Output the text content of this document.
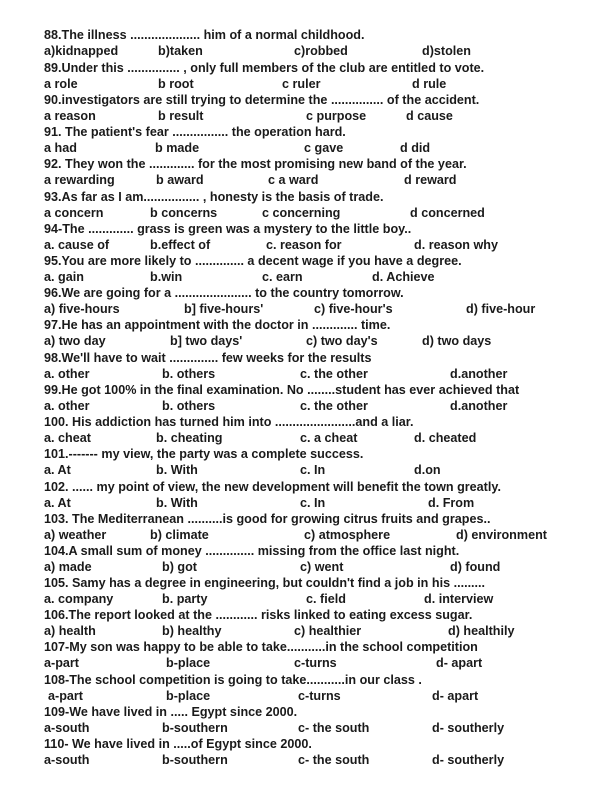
88.The illness .................... him of a normal childhood.
a)kidnapped	b)taken	c)robbed	d)stolen
89.Under this ............... , only full members of the club are entitled to vote.
a role	b root	c ruler	d rule
90.investigators are still trying to determine the ............... of the accident.
a reason	b result	c purpose	d cause
91. The patient's fear ................ the operation hard.
a had	b made	c gave	d did
92. They won the ............. for the most promising new band of the year.
a rewarding	b award	c a ward	d reward
93.As far as I am................ , honesty is the basis of trade.
a concern	b concerns	c concerning	d concerned
94-The ............. grass is green was a mystery to the little boy..
a. cause of	b.effect of	c. reason for	d. reason why
95.You are more likely to .............. a decent wage if you have a degree.
a. gain	b.win	c. earn	d. Achieve
96.We are going for a ...................... to the country tomorrow.
a) five-hours	b] five-hours'	c) five-hour's	d) five-hour
97.He has an appointment with the doctor in ............. time.
a) two day	b] two days'	c) two day's	d) two days
98.We'll have to wait .............. few weeks for the results
a. other	b. others	c. the other	d.another
99.He got 100% in the final examination. No ........student has ever achieved that
a. other	b. others	c. the other	d.another
100. His addiction has turned him into .......................and a liar.
a. cheat	b. cheating	c. a cheat	d. cheated
101.------- my view, the party was a complete success.
a. At	b. With	c. In	d.on
102. ...... my point of view, the new development will benefit the town greatly.
a. At	b. With	c. In	d. From
103. The Mediterranean ..........is good for growing citrus fruits and grapes..
a) weather	b) climate	c) atmosphere	d) environment
104.A small sum of money .............. missing from the office last night.
a) made	b) got	c) went	d) found
105. Samy has a degree in engineering, but couldn't find a job in his .........
a. company	b. party	c. field	d. interview
106.The report looked at the ............ risks linked to eating excess sugar.
a) health	b) healthy	c) healthier	d) healthily
107-My son was happy to be able to take...........in the school competition
a-part	b-place	c-turns	d- apart
108-The school competition is going to take...........in our class .
a-part	b-place	c-turns	d- apart
109-We have lived in ..... Egypt since 2000.
a-south	b-southern	c- the south	d- southerly
110- We have lived in .....of Egypt since 2000.
a-south	b-southern	c- the south	d- southerly
